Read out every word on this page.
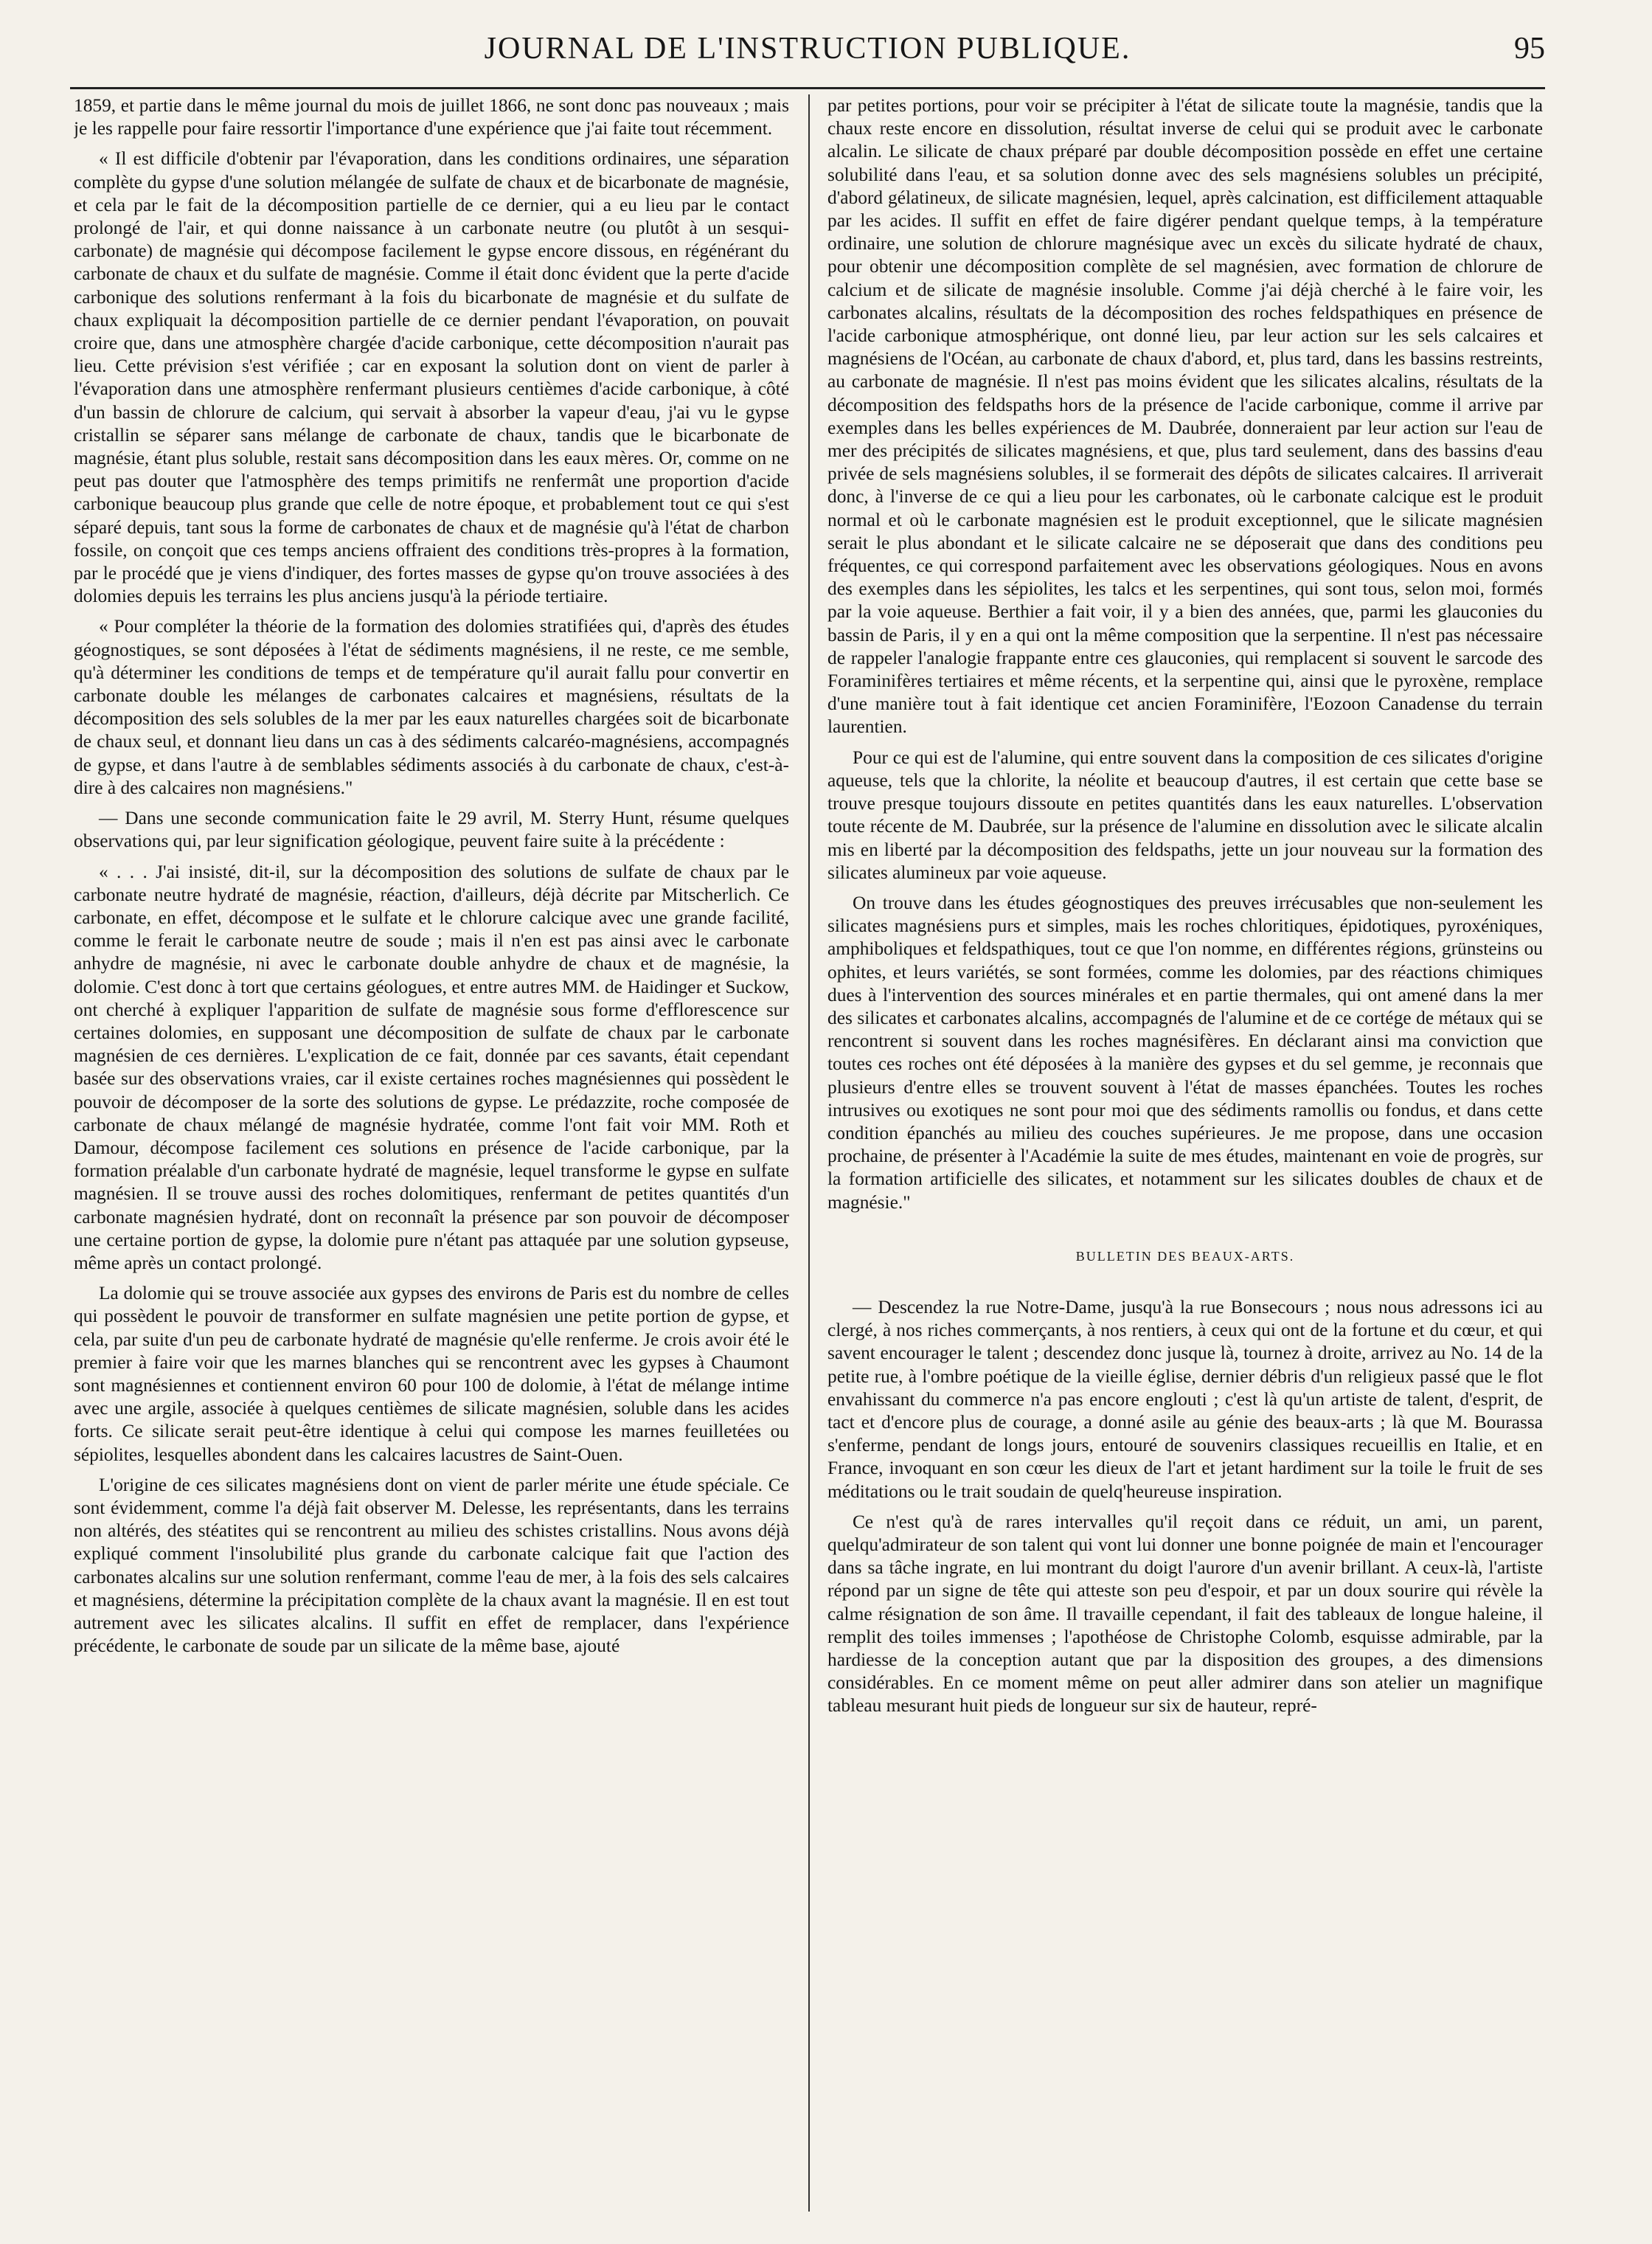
JOURNAL DE L'INSTRUCTION PUBLIQUE.	95

1859, et partie dans le même journal du mois de juillet 1866, ne sont donc pas nouveaux ; mais je les rappelle pour faire ressortir l'importance d'une expérience que j'ai faite tout récemment.

« Il est difficile d'obtenir par l'évaporation, dans les conditions ordinaires, une séparation complète du gypse d'une solution mélangée de sulfate de chaux et de bicarbonate de magnésie, et cela par le fait de la décomposition partielle de ce dernier, qui a eu lieu par le contact prolongé de l'air, et qui donne naissance à un carbonate neutre (ou plutôt à un sesqui-carbonate) de magnésie qui décompose facilement le gypse encore dissous, en régénérant du carbonate de chaux et du sulfate de magnésie. Comme il était donc évident que la perte d'acide carbonique des solutions renfermant à la fois du bicarbonate de magnésie et du sulfate de chaux expliquait la décomposition partielle de ce dernier pendant l'évaporation, on pouvait croire que, dans une atmosphère chargée d'acide carbonique, cette décomposition n'aurait pas lieu. Cette prévision s'est vérifiée ; car en exposant la solution dont on vient de parler à l'évaporation dans une atmosphère renfermant plusieurs centièmes d'acide carbonique, à côté d'un bassin de chlorure de calcium, qui servait à absorber la vapeur d'eau, j'ai vu le gypse cristallin se séparer sans mélange de carbonate de chaux, tandis que le bicarbonate de magnésie, étant plus soluble, restait sans décomposition dans les eaux mères. Or, comme on ne peut pas douter que l'atmosphère des temps primitifs ne renfermât une proportion d'acide carbonique beaucoup plus grande que celle de notre époque, et probablement tout ce qui s'est séparé depuis, tant sous la forme de carbonates de chaux et de magnésie qu'à l'état de charbon fossile, on conçoit que ces temps anciens offraient des conditions très-propres à la formation, par le procédé que je viens d'indiquer, des fortes masses de gypse qu'on trouve associées à des dolomies depuis les terrains les plus anciens jusqu'à la période tertiaire.

« Pour compléter la théorie de la formation des dolomies stratifiées qui, d'après des études géognostiques, se sont déposées à l'état de sédiments magnésiens, il ne reste, ce me semble, qu'à déterminer les conditions de temps et de température qu'il aurait fallu pour convertir en carbonate double les mélanges de carbonates calcaires et magnésiens, résultats de la décomposition des sels solubles de la mer par les eaux naturelles chargées soit de bicarbonate de chaux seul, et donnant lieu dans un cas à des sédiments calcaréo-magnésiens, accompagnés de gypse, et dans l'autre à de semblables sédiments associés à du carbonate de chaux, c'est-à-dire à des calcaires non magnésiens."

— Dans une seconde communication faite le 29 avril, M. Sterry Hunt, résume quelques observations qui, par leur signification géologique, peuvent faire suite à la précédente :

« . . . J'ai insisté, dit-il, sur la décomposition des solutions de sulfate de chaux par le carbonate neutre hydraté de magnésie, réaction, d'ailleurs, déjà décrite par Mitscherlich. Ce carbonate, en effet, décompose et le sulfate et le chlorure calcique avec une grande facilité, comme le ferait le carbonate neutre de soude ; mais il n'en est pas ainsi avec le carbonate anhydre de magnésie, ni avec le carbonate double anhydre de chaux et de magnésie, la dolomie. C'est donc à tort que certains géologues, et entre autres MM. de Haidinger et Suckow, ont cherché à expliquer l'apparition de sulfate de magnésie sous forme d'efflorescence sur certaines dolomies, en supposant une décomposition de sulfate de chaux par le carbonate magnésien de ces dernières. L'explication de ce fait, donnée par ces savants, était cependant basée sur des observations vraies, car il existe certaines roches magnésiennes qui possèdent le pouvoir de décomposer de la sorte des solutions de gypse. Le prédazzite, roche composée de carbonate de chaux mélangé de magnésie hydratée, comme l'ont fait voir MM. Roth et Damour, décompose facilement ces solutions en présence de l'acide carbonique, par la formation préalable d'un carbonate hydraté de magnésie, lequel transforme le gypse en sulfate magnésien. Il se trouve aussi des roches dolomitiques, renfermant de petites quantités d'un carbonate magnésien hydraté, dont on reconnaît la présence par son pouvoir de décomposer une certaine portion de gypse, la dolomie pure n'étant pas attaquée par une solution gypseuse, même après un contact prolongé.

La dolomie qui se trouve associée aux gypses des environs de Paris est du nombre de celles qui possèdent le pouvoir de transformer en sulfate magnésien une petite portion de gypse, et cela, par suite d'un peu de carbonate hydraté de magnésie qu'elle renferme. Je crois avoir été le premier à faire voir que les marnes blanches qui se rencontrent avec les gypses à Chaumont sont magnésiennes et contiennent environ 60 pour 100 de dolomie, à l'état de mélange intime avec une argile, associée à quelques centièmes de silicate magnésien, soluble dans les acides forts. Ce silicate serait peut-être identique à celui qui compose les marnes feuilletées ou sépiolites, lesquelles abondent dans les calcaires lacustres de Saint-Ouen.

L'origine de ces silicates magnésiens dont on vient de parler mérite une étude spéciale. Ce sont évidemment, comme l'a déjà fait observer M. Delesse, les représentants, dans les terrains non altérés, des stéatites qui se rencontrent au milieu des schistes cristallins. Nous avons déjà expliqué comment l'insolubilité plus grande du carbonate calcique fait que l'action des carbonates alcalins sur une solution renfermant, comme l'eau de mer, à la fois des sels calcaires et magnésiens, détermine la précipitation complète de la chaux avant la magnésie. Il en est tout autrement avec les silicates alcalins. Il suffit en effet de remplacer, dans l'expérience précédente, le carbonate de soude par un silicate de la même base, ajouté

par petites portions, pour voir se précipiter à l'état de silicate toute la magnésie, tandis que la chaux reste encore en dissolution, résultat inverse de celui qui se produit avec le carbonate alcalin. Le silicate de chaux préparé par double décomposition possède en effet une certaine solubilité dans l'eau, et sa solution donne avec des sels magnésiens solubles un précipité, d'abord gélatineux, de silicate magnésien, lequel, après calcination, est difficilement attaquable par les acides. Il suffit en effet de faire digérer pendant quelque temps, à la température ordinaire, une solution de chlorure magnésique avec un excès du silicate hydraté de chaux, pour obtenir une décomposition complète de sel magnésien, avec formation de chlorure de calcium et de silicate de magnésie insoluble. Comme j'ai déjà cherché à le faire voir, les carbonates alcalins, résultats de la décomposition des roches feldspathiques en présence de l'acide carbonique atmosphérique, ont donné lieu, par leur action sur les sels calcaires et magnésiens de l'Océan, au carbonate de chaux d'abord, et, plus tard, dans les bassins restreints, au carbonate de magnésie. Il n'est pas moins évident que les silicates alcalins, résultats de la décomposition des feldspaths hors de la présence de l'acide carbonique, comme il arrive par exemples dans les belles expériences de M. Daubrée, donneraient par leur action sur l'eau de mer des précipités de silicates magnésiens, et que, plus tard seulement, dans des bassins d'eau privée de sels magnésiens solubles, il se formerait des dépôts de silicates calcaires. Il arriverait donc, à l'inverse de ce qui a lieu pour les carbonates, où le carbonate calcique est le produit normal et où le carbonate magnésien est le produit exceptionnel, que le silicate magnésien serait le plus abondant et le silicate calcaire ne se déposerait que dans des conditions peu fréquentes, ce qui correspond parfaitement avec les observations géologiques. Nous en avons des exemples dans les sépiolites, les talcs et les serpentines, qui sont tous, selon moi, formés par la voie aqueuse. Berthier a fait voir, il y a bien des années, que, parmi les glauconies du bassin de Paris, il y en a qui ont la même composition que la serpentine. Il n'est pas nécessaire de rappeler l'analogie frappante entre ces glauconies, qui remplacent si souvent le sarcode des Foraminifères tertiaires et même récents, et la serpentine qui, ainsi que le pyroxène, remplace d'une manière tout à fait identique cet ancien Foraminifère, l'Eozoon Canadense du terrain laurentien.

Pour ce qui est de l'alumine, qui entre souvent dans la composition de ces silicates d'origine aqueuse, tels que la chlorite, la néolite et beaucoup d'autres, il est certain que cette base se trouve presque toujours dissoute en petites quantités dans les eaux naturelles. L'observation toute récente de M. Daubrée, sur la présence de l'alumine en dissolution avec le silicate alcalin mis en liberté par la décomposition des feldspaths, jette un jour nouveau sur la formation des silicates alumineux par voie aqueuse.

On trouve dans les études géognostiques des preuves irrécusables que non-seulement les silicates magnésiens purs et simples, mais les roches chloritiques, épidotiques, pyroxéniques, amphiboliques et feldspathiques, tout ce que l'on nomme, en différentes régions, grünsteins ou ophites, et leurs variétés, se sont formées, comme les dolomies, par des réactions chimiques dues à l'intervention des sources minérales et en partie thermales, qui ont amené dans la mer des silicates et carbonates alcalins, accompagnés de l'alumine et de ce cortége de métaux qui se rencontrent si souvent dans les roches magnésifères. En déclarant ainsi ma conviction que toutes ces roches ont été déposées à la manière des gypses et du sel gemme, je reconnais que plusieurs d'entre elles se trouvent souvent à l'état de masses épanchées. Toutes les roches intrusives ou exotiques ne sont pour moi que des sédiments ramollis ou fondus, et dans cette condition épanchés au milieu des couches supérieures. Je me propose, dans une occasion prochaine, de présenter à l'Académie la suite de mes études, maintenant en voie de progrès, sur la formation artificielle des silicates, et notamment sur les silicates doubles de chaux et de magnésie."

BULLETIN DES BEAUX-ARTS.

— Descendez la rue Notre-Dame, jusqu'à la rue Bonsecours ; nous nous adressons ici au clergé, à nos riches commerçants, à nos rentiers, à ceux qui ont de la fortune et du cœur, et qui savent encourager le talent ; descendez donc jusque là, tournez à droite, arrivez au No. 14 de la petite rue, à l'ombre poétique de la vieille église, dernier débris d'un religieux passé que le flot envahissant du commerce n'a pas encore englouti ; c'est là qu'un artiste de talent, d'esprit, de tact et d'encore plus de courage, a donné asile au génie des beaux-arts ; là que M. Bourassa s'enferme, pendant de longs jours, entouré de souvenirs classiques recueillis en Italie, et en France, invoquant en son cœur les dieux de l'art et jetant hardiment sur la toile le fruit de ses méditations ou le trait soudain de quelq'heureuse inspiration.

Ce n'est qu'à de rares intervalles qu'il reçoit dans ce réduit, un ami, un parent, quelqu'admirateur de son talent qui vont lui donner une bonne poignée de main et l'encourager dans sa tâche ingrate, en lui montrant du doigt l'aurore d'un avenir brillant. A ceux-là, l'artiste répond par un signe de tête qui atteste son peu d'espoir, et par un doux sourire qui révèle la calme résignation de son âme. Il travaille cependant, il fait des tableaux de longue haleine, il remplit des toiles immenses ; l'apothéose de Christophe Colomb, esquisse admirable, par la hardiesse de la conception autant que par la disposition des groupes, a des dimensions considérables. En ce moment même on peut aller admirer dans son atelier un magnifique tableau mesurant huit pieds de longueur sur six de hauteur, repré-
